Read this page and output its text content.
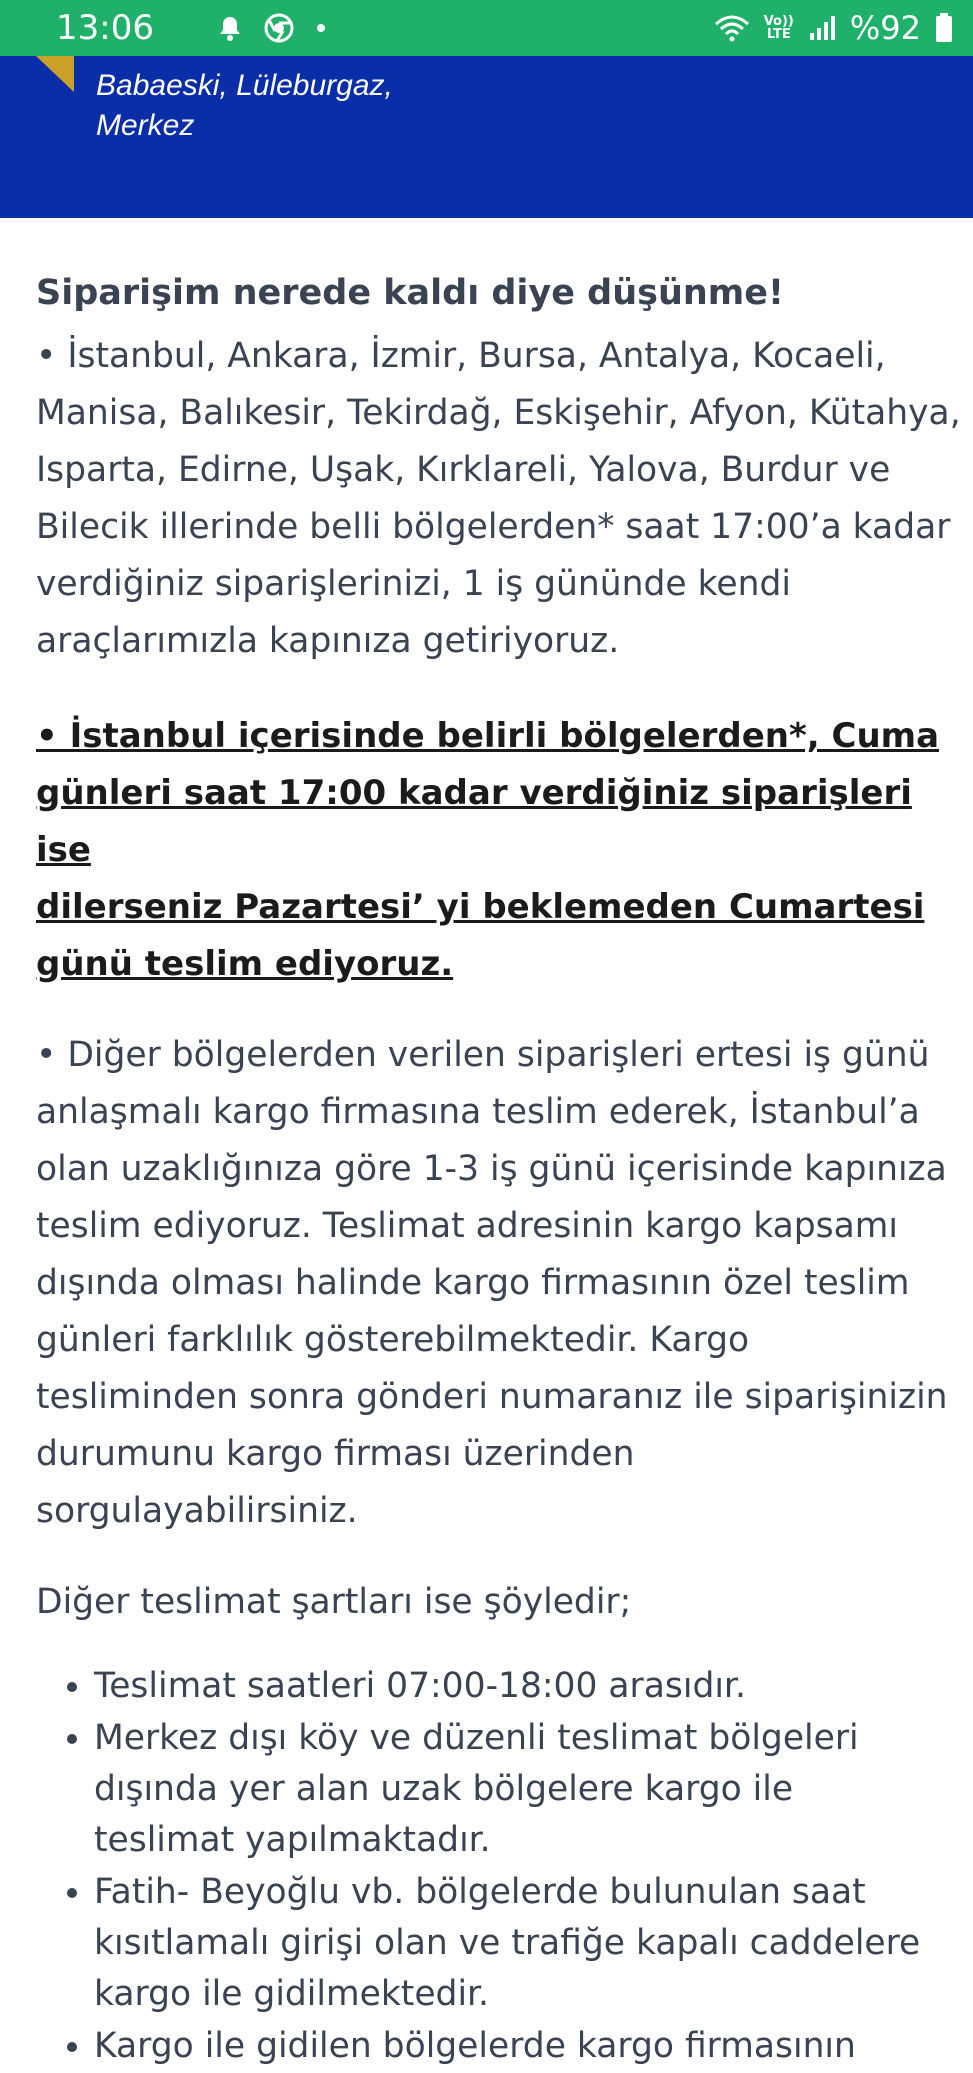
13:06	Vo))
LTE %92
Babaeski, Lüleburgaz,
Merkez
Siparişim nerede kaldı diye düşünme!

• İstanbul, Ankara, İzmir, Bursa, Antalya, Kocaeli,
Manisa, Balıkesir, Tekirdağ, Eskişehir, Afyon, Kütahya,
Isparta, Edirne, Uşak, Kırklareli, Yalova, Burdur ve
Bilecik illerinde belli bölgelerden* saat 17:00’a kadar
verdiğiniz siparişlerinizi, 1 iş gününde kendi
araçlarımızla kapınıza getiriyoruz.

• İstanbul içerisinde belirli bölgelerden*, Cuma
günleri saat 17:00 kadar verdiğiniz siparişleri ise
dilerseniz Pazartesi’ yi beklemeden Cumartesi
günü teslim ediyoruz.

• Diğer bölgelerden verilen siparişleri ertesi iş günü
anlaşmalı kargo firmasına teslim ederek, İstanbul’a
olan uzaklığınıza göre 1-3 iş günü içerisinde kapınıza
teslim ediyoruz. Teslimat adresinin kargo kapsamı
dışında olması halinde kargo firmasının özel teslim
günleri farklılık gösterebilmektedir. Kargo
tesliminden sonra gönderi numaranız ile siparişinizin
durumunu kargo firması üzerinden
sorgulayabilirsiniz.

Diğer teslimat şartları ise şöyledir;

• Teslimat saatleri 07:00-18:00 arasıdır.
• Merkez dışı köy ve düzenli teslimat bölgeleri
dışında yer alan uzak bölgelere kargo ile
teslimat yapılmaktadır.
• Fatih- Beyoğlu vb. bölgelerde bulunulan saat
kısıtlamalı girişi olan ve trafiğe kapalı caddelere
kargo ile gidilmektedir.
• Kargo ile gidilen bölgelerde kargo firmasının
